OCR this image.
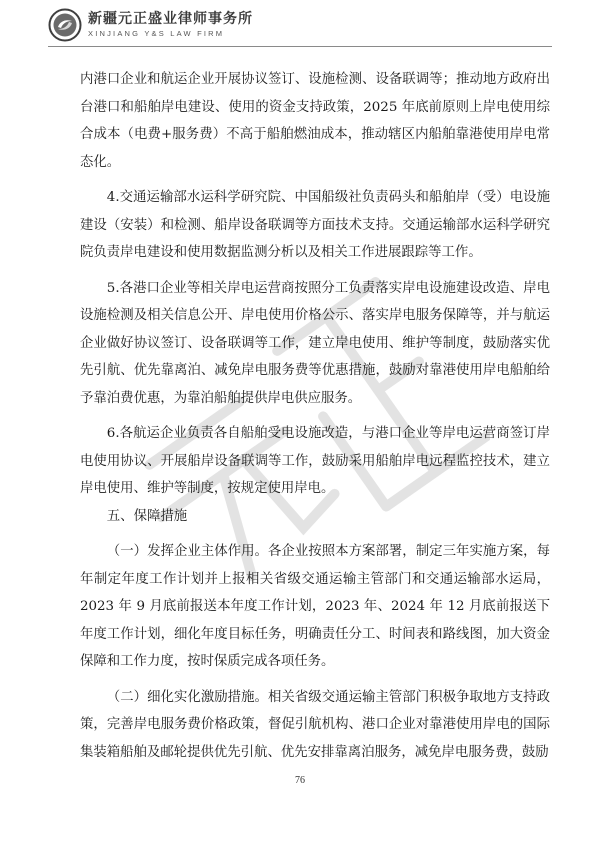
新疆元正盛业律师事务所
XINJIANG Y&S LAW FIRM

内港口企业和航运企业开展协议签订、设施检测、设备联调等；推动地方政府出台港口和船舶岸电建设、使用的资金支持政策，2025 年底前原则上岸电使用综合成本（电费+服务费）不高于船舶燃油成本，推动辖区内船舶靠港使用岸电常态化。

4.交通运输部水运科学研究院、中国船级社负责码头和船舶岸（受）电设施建设（安装）和检测、船岸设备联调等方面技术支持。交通运输部水运科学研究院负责岸电建设和使用数据监测分析以及相关工作进展跟踪等工作。

5.各港口企业等相关岸电运营商按照分工负责落实岸电设施建设改造、岸电设施检测及相关信息公开、岸电使用价格公示、落实岸电服务保障等，并与航运企业做好协议签订、设备联调等工作，建立岸电使用、维护等制度，鼓励落实优先引航、优先靠离泊、减免岸电服务费等优惠措施，鼓励对靠港使用岸电船舶给予靠泊费优惠，为靠泊船舶提供岸电供应服务。

6.各航运企业负责各自船舶受电设施改造，与港口企业等岸电运营商签订岸电使用协议、开展船岸设备联调等工作，鼓励采用船舶岸电远程监控技术，建立岸电使用、维护等制度，按规定使用岸电。

五、保障措施

（一）发挥企业主体作用。各企业按照本方案部署，制定三年实施方案，每年制定年度工作计划并上报相关省级交通运输主管部门和交通运输部水运局，2023 年 9 月底前报送本年度工作计划，2023 年、2024 年 12 月底前报送下年度工作计划，细化年度目标任务，明确责任分工、时间表和路线图，加大资金保障和工作力度，按时保质完成各项任务。

（二）细化实化激励措施。相关省级交通运输主管部门积极争取地方支持政策，完善岸电服务费价格政策，督促引航机构、港口企业对靠港使用岸电的国际集装箱船舶及邮轮提供优先引航、优先安排靠离泊服务，减免岸电服务费，鼓励

76
